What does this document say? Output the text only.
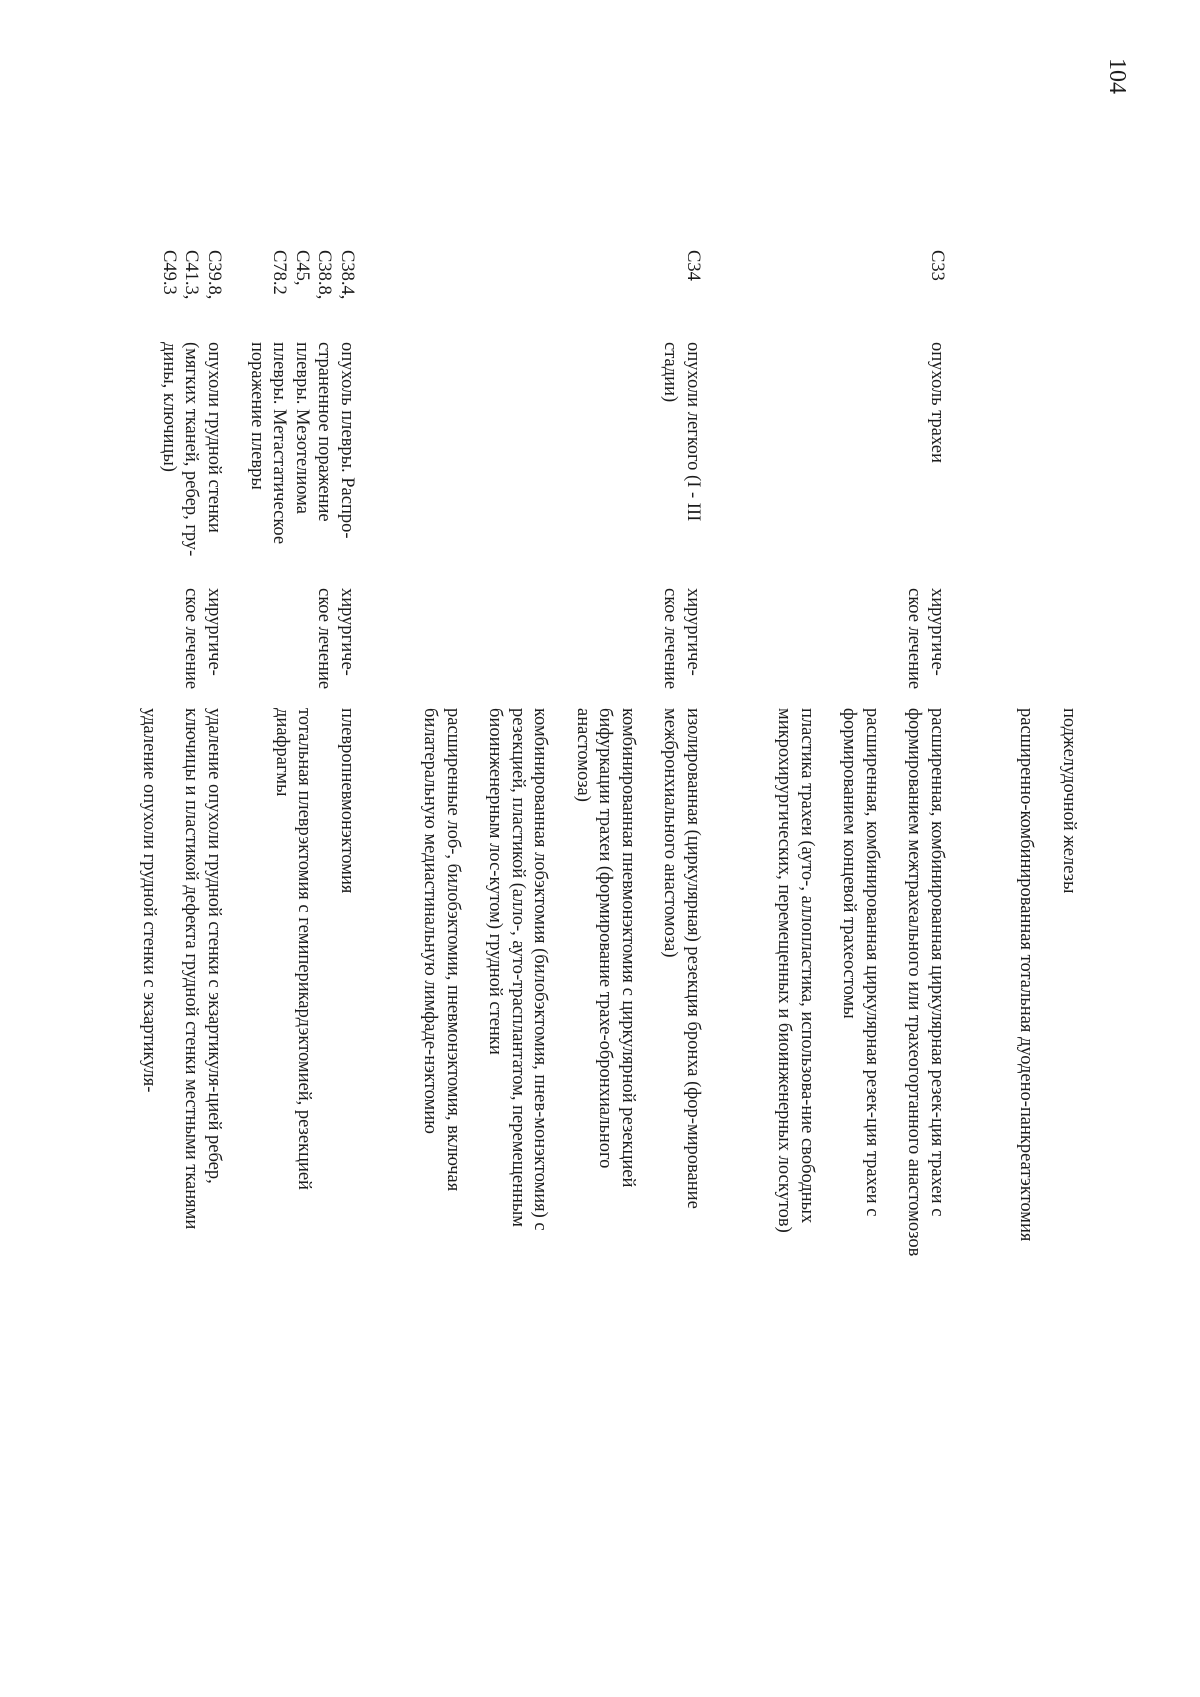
104

поджелудочной железы

расширенно-комбинированная тотальная дуодено-панкреатэктомия

C33
опухоль трахеи
хирургиче-ское лечение

расширенная, комбинированная циркулярная резек-ция трахеи с формированием межтрахеального или трахеогортанного анастомозов

расширенная, комбинированная циркулярная резек-ция трахеи с формированием концевой трахеостомы

пластика трахеи (ауто-, аллопластика, использова-ние свободных микрохирургических, перемещенных и биоинженерных лоскутов)

C34
опухоли легкого (I - III стадии)
хирургиче-ское лечение

изолированная (циркулярная) резекция бронха (фор-мирование межбронхиального анастомоза)

комбинированная пневмонэктомия с циркулярной резекцией бифуркации трахеи (формирование трахе-обронхиального анастомоза)

комбинированная лобэктомия (билобэктомия, пнев-монэктомия) с резекцией, пластикой (алло-, ауто-трасплантатом, перемещенным биоинженерным лос-кутом) грудной стенки

расширенные лоб-, билобэктомии, пневмонэктомия, включая билатеральную медиастинальную лимфаде-нэктомию

C38.4, C38.8, C45, C78.2
опухоль плевры. Распро-страненное поражение плевры. Мезотелиома плевры. Метастатическое поражение плевры
хирургиче-ское лечение

плевропневмонэктомия

тотальная плеврэктомия с гемиперикардэктомией, резекцией диафрагмы

C39.8, C41.3, C49.3
опухоли грудной стенки (мягких тканей, ребер, гру-дины, ключицы)
хирургиче-ское лечение

удаление опухоли грудной стенки с экзартикуля-цией ребер, ключицы и пластикой дефекта грудной стенки местными тканями

удаление опухоли грудной стенки с экзартикуля-
